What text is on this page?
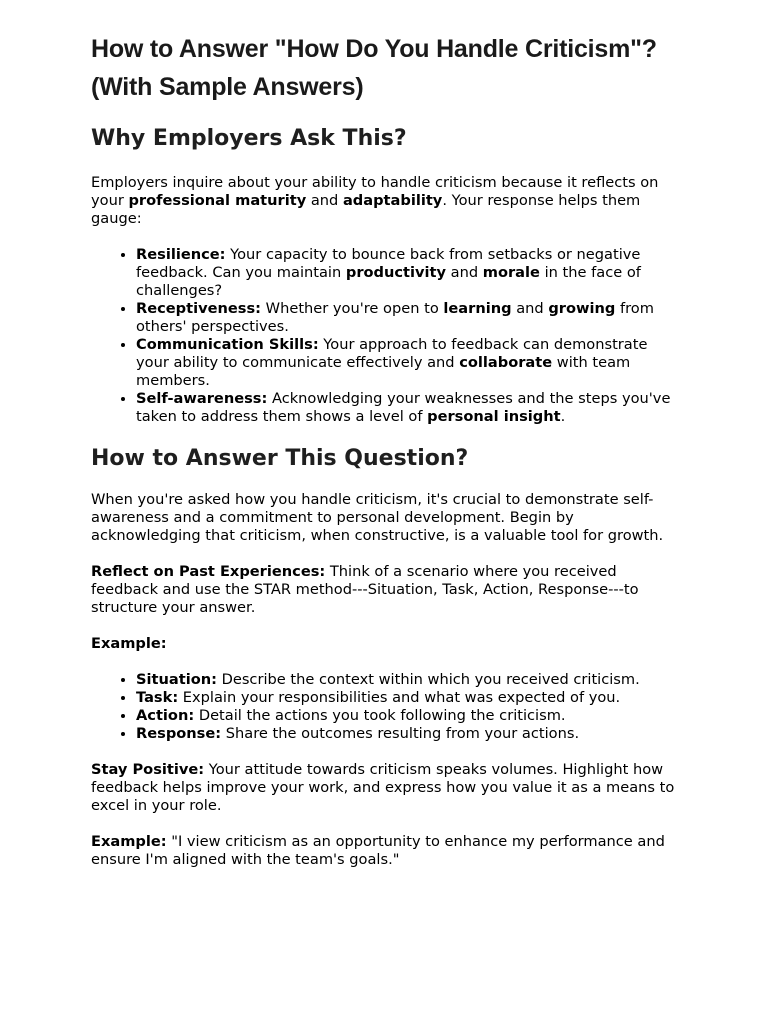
How to Answer "How Do You Handle Criticism"? (With Sample Answers)
Why Employers Ask This?

Employers inquire about your ability to handle criticism because it reflects on your professional maturity and adaptability. Your response helps them gauge:

• Resilience: Your capacity to bounce back from setbacks or negative feedback. Can you maintain productivity and morale in the face of challenges?
• Receptiveness: Whether you're open to learning and growing from others' perspectives.
• Communication Skills: Your approach to feedback can demonstrate your ability to communicate effectively and collaborate with team members.
• Self-awareness: Acknowledging your weaknesses and the steps you've taken to address them shows a level of personal insight.
How to Answer This Question?

When you're asked how you handle criticism, it's crucial to demonstrate self-awareness and a commitment to personal development. Begin by acknowledging that criticism, when constructive, is a valuable tool for growth.

Reflect on Past Experiences: Think of a scenario where you received feedback and use the STAR method---Situation, Task, Action, Response---to structure your answer.

Example:

• Situation: Describe the context within which you received criticism.
• Task: Explain your responsibilities and what was expected of you.
• Action: Detail the actions you took following the criticism.
• Response: Share the outcomes resulting from your actions.

Stay Positive: Your attitude towards criticism speaks volumes. Highlight how feedback helps improve your work, and express how you value it as a means to excel in your role.

Example: "I view criticism as an opportunity to enhance my performance and ensure I'm aligned with the team's goals."
